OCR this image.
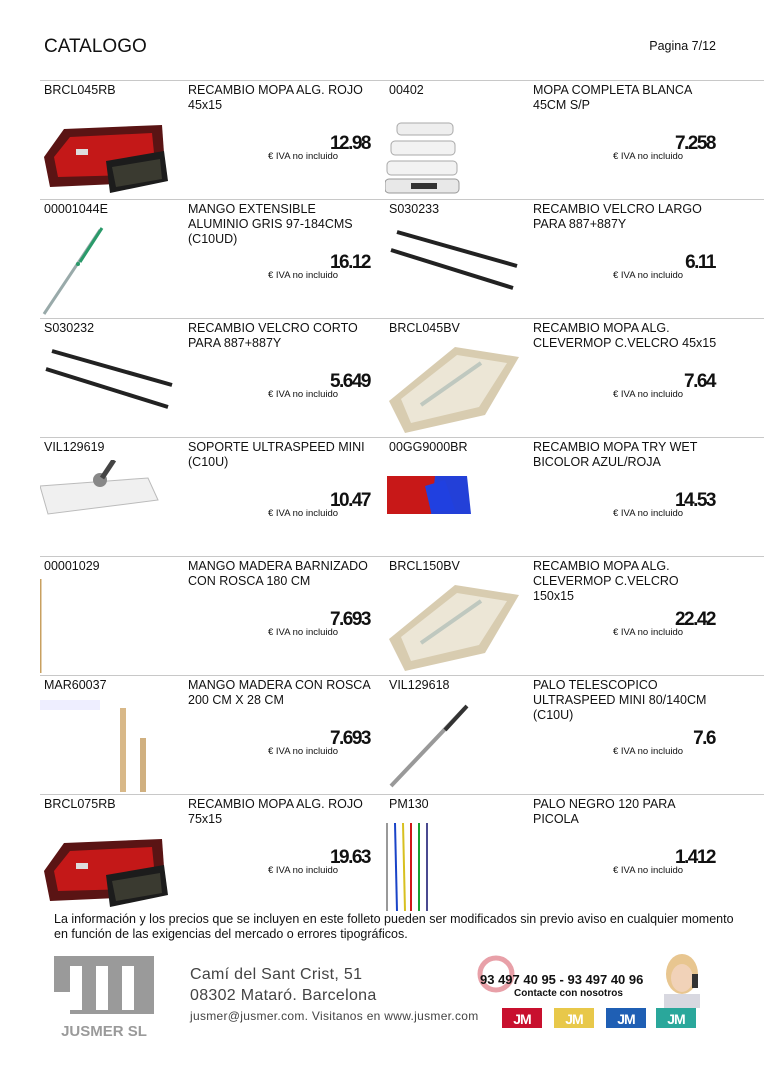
CATALOGO	Pagina 7/12
BRCL045RB	RECAMBIO MOPA ALG. ROJO 45x15
12.98
€ IVA no incluido
00402	MOPA COMPLETA BLANCA 45CM S/P
7.258
€ IVA no incluido
00001044E	MANGO EXTENSIBLE ALUMINIO GRIS 97-184CMS (C10UD)
16.12
€ IVA no incluido
S030233	RECAMBIO VELCRO LARGO PARA 887+887Y
6.11
€ IVA no incluido
S030232	RECAMBIO VELCRO CORTO PARA 887+887Y
5.649
€ IVA no incluido
BRCL045BV	RECAMBIO MOPA ALG. CLEVERMOP C.VELCRO 45x15
7.64
€ IVA no incluido
VIL129619	SOPORTE ULTRASPEED MINI (C10U)
10.47
€ IVA no incluido
00GG9000BR	RECAMBIO MOPA TRY WET BICOLOR AZUL/ROJA
14.53
€ IVA no incluido
00001029	MANGO MADERA BARNIZADO CON ROSCA 180 CM
7.693
€ IVA no incluido
BRCL150BV	RECAMBIO MOPA ALG. CLEVERMOP C.VELCRO 150x15
22.42
€ IVA no incluido
MAR60037	MANGO MADERA CON ROSCA 200 CM X 28 CM
7.693
€ IVA no incluido
VIL129618	PALO TELESCOPICO ULTRASPEED MINI 80/140CM (C10U)
7.6
€ IVA no incluido
BRCL075RB	RECAMBIO MOPA ALG. ROJO 75x15
19.63
€ IVA no incluido
PM130	PALO NEGRO 120 PARA PICOLA
1.412
€ IVA no incluido
La información y los precios que se incluyen en este folleto pueden ser modificados sin previo aviso en cualquier momento en función de las exigencias del mercado o errores tipográficos.
JUSMER SL
Camí del Sant Crist, 51
08302 Mataró. Barcelona
jusmer@jusmer.com. Visitanos en www.jusmer.com
93 497 40 95 - 93 497 40 96
Contacte con nosotros
JM	JM	JM	JM
